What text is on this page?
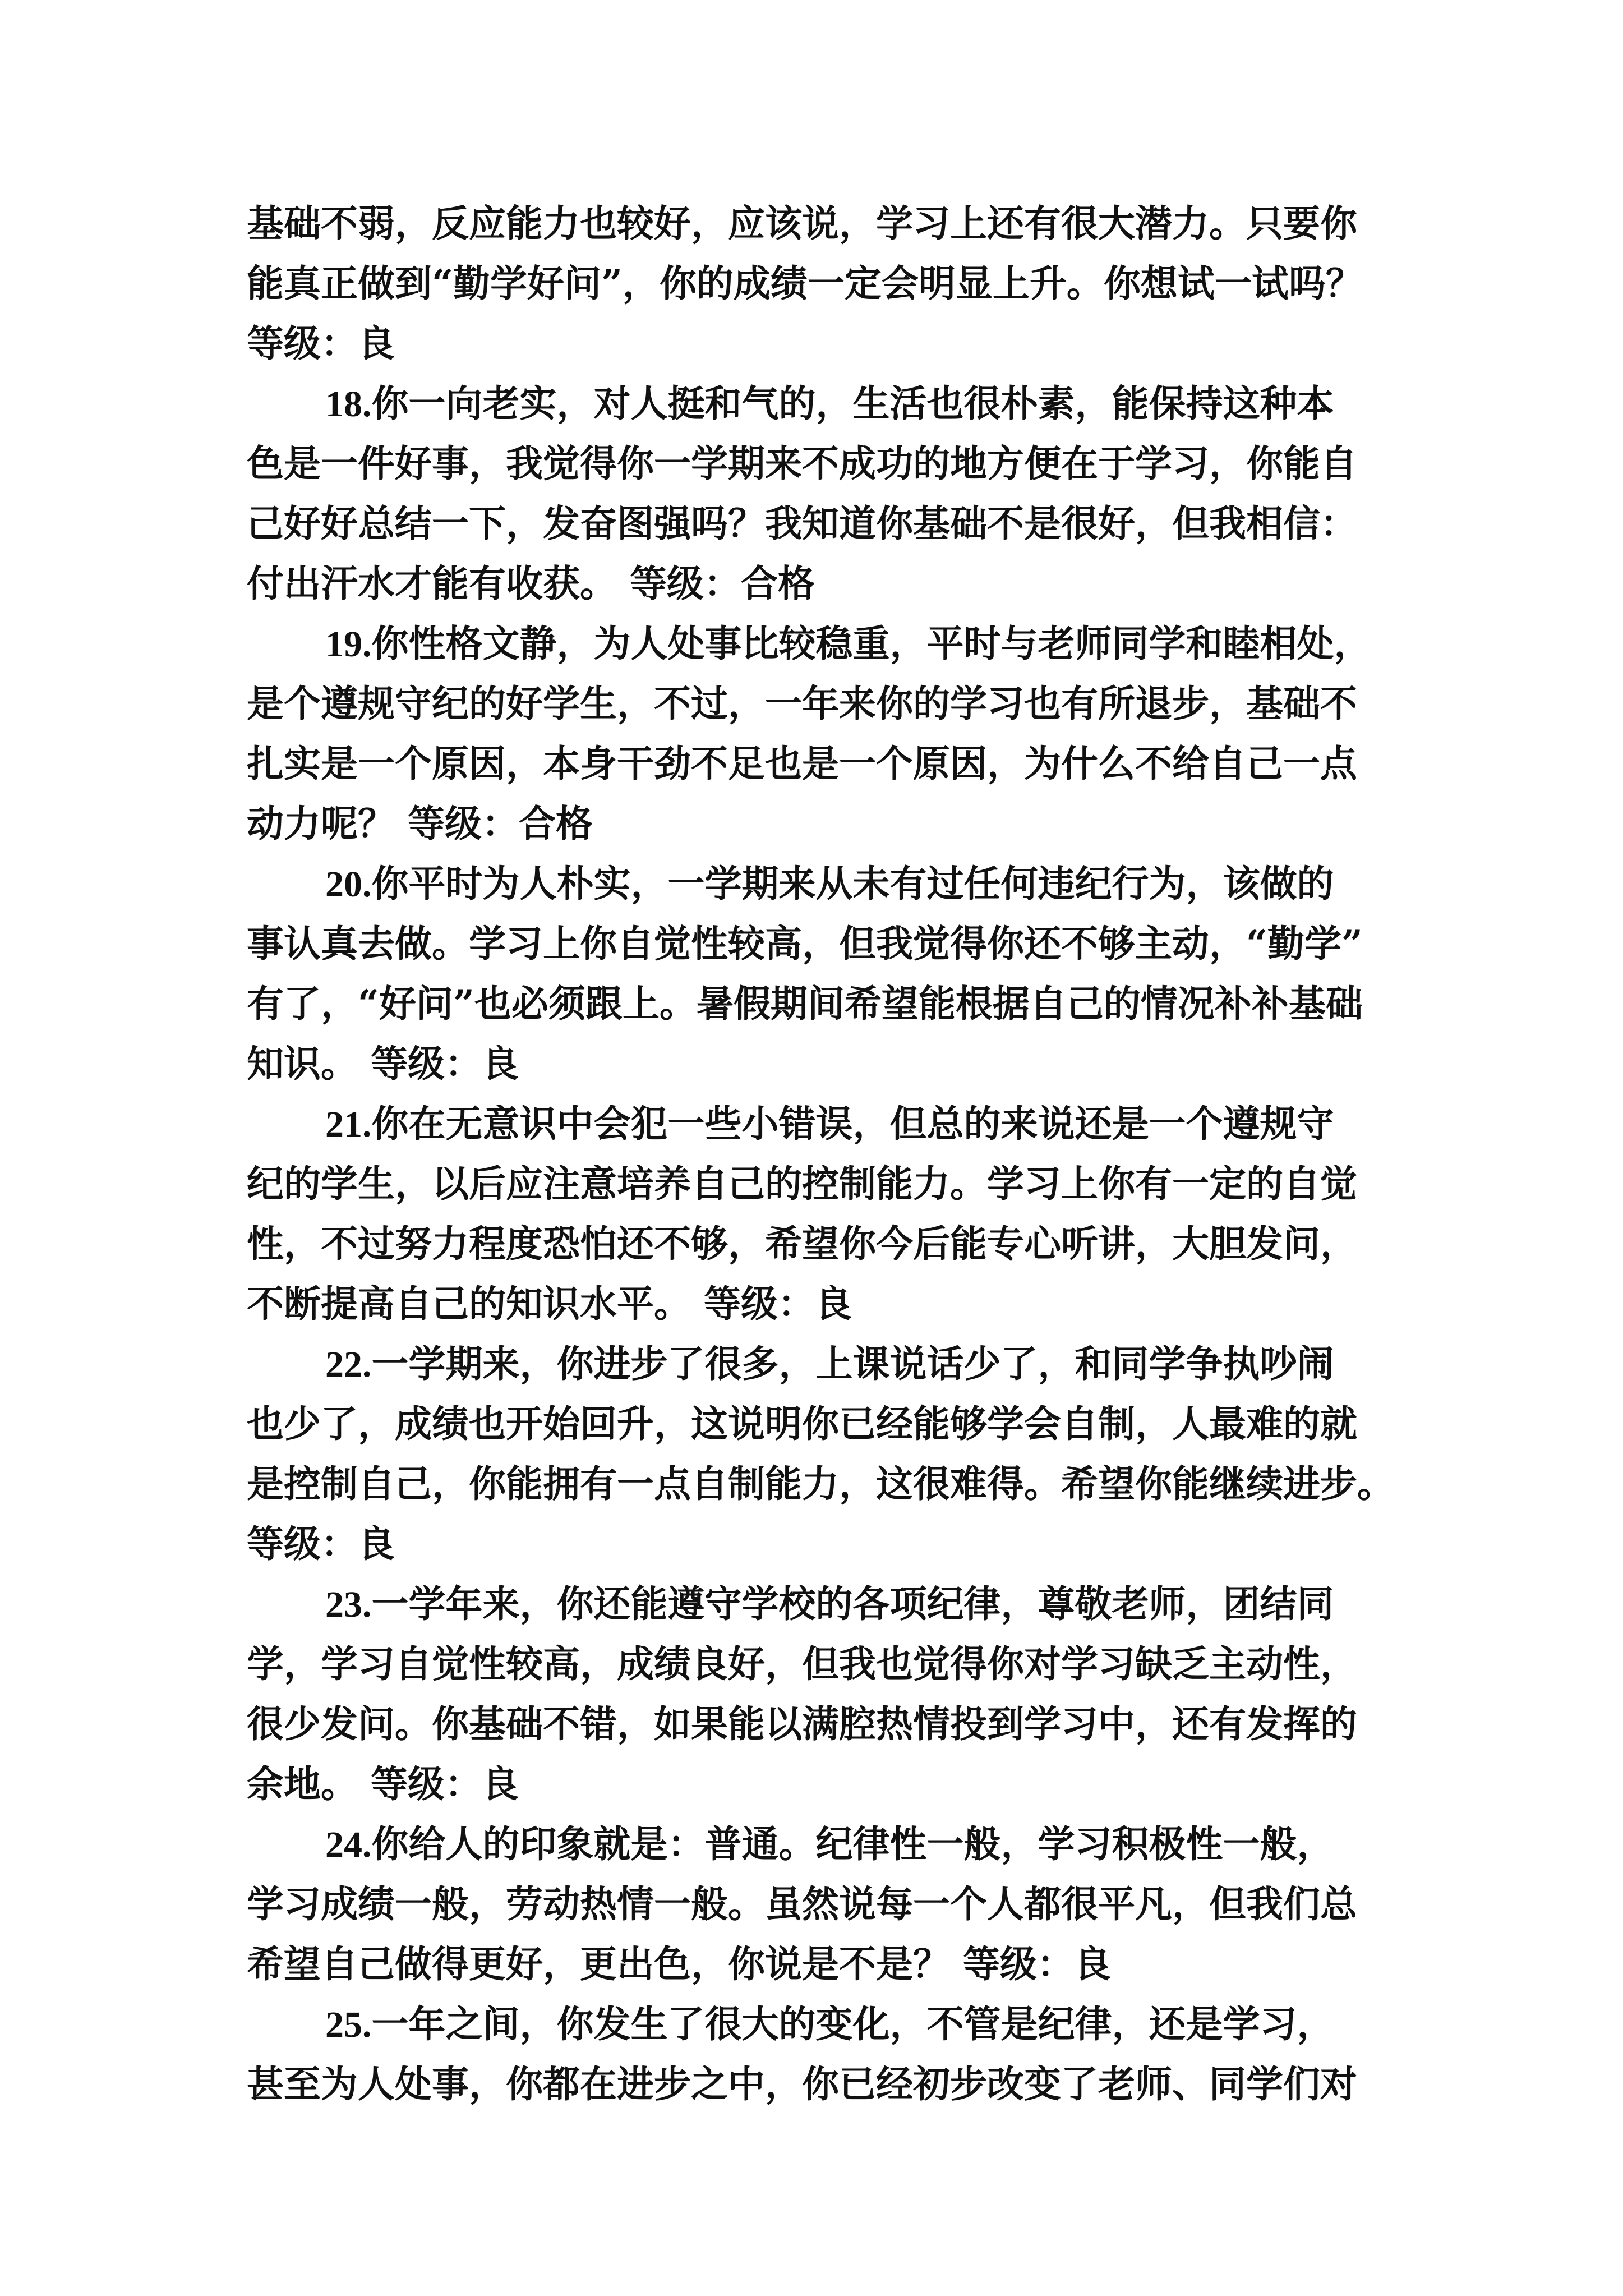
基础不弱，反应能力也较好，应该说，学习上还有很大潜力。只要你
能真正做到“勤学好问”，你的成绩一定会明显上升。你想试一试吗？
等级：良
18.你一向老实，对人挺和气的，生活也很朴素，能保持这种本
色是一件好事，我觉得你一学期来不成功的地方便在于学习，你能自
己好好总结一下，发奋图强吗？我知道你基础不是很好，但我相信：
付出汗水才能有收获。 等级：合格
19.你性格文静，为人处事比较稳重，平时与老师同学和睦相处，
是个遵规守纪的好学生，不过，一年来你的学习也有所退步，基础不
扎实是一个原因，本身干劲不足也是一个原因，为什么不给自己一点
动力呢？ 等级：合格
20.你平时为人朴实，一学期来从未有过任何违纪行为，该做的
事认真去做。学习上你自觉性较高，但我觉得你还不够主动，“勤学”
有了，“好问”也必须跟上。暑假期间希望能根据自己的情况补补基础
知识。 等级：良
21.你在无意识中会犯一些小错误，但总的来说还是一个遵规守
纪的学生，以后应注意培养自己的控制能力。学习上你有一定的自觉
性，不过努力程度恐怕还不够，希望你今后能专心听讲，大胆发问，
不断提高自己的知识水平。 等级：良
22.一学期来，你进步了很多，上课说话少了，和同学争执吵闹
也少了，成绩也开始回升，这说明你已经能够学会自制，人最难的就
是控制自己，你能拥有一点自制能力，这很难得。希望你能继续进步。
等级：良
23.一学年来，你还能遵守学校的各项纪律，尊敬老师，团结同
学，学习自觉性较高，成绩良好，但我也觉得你对学习缺乏主动性，
很少发问。你基础不错，如果能以满腔热情投到学习中，还有发挥的
余地。 等级：良
24.你给人的印象就是：普通。纪律性一般，学习积极性一般，
学习成绩一般，劳动热情一般。虽然说每一个人都很平凡，但我们总
希望自己做得更好，更出色，你说是不是？ 等级：良
25.一年之间，你发生了很大的变化，不管是纪律，还是学习，
甚至为人处事，你都在进步之中，你已经初步改变了老师、同学们对
